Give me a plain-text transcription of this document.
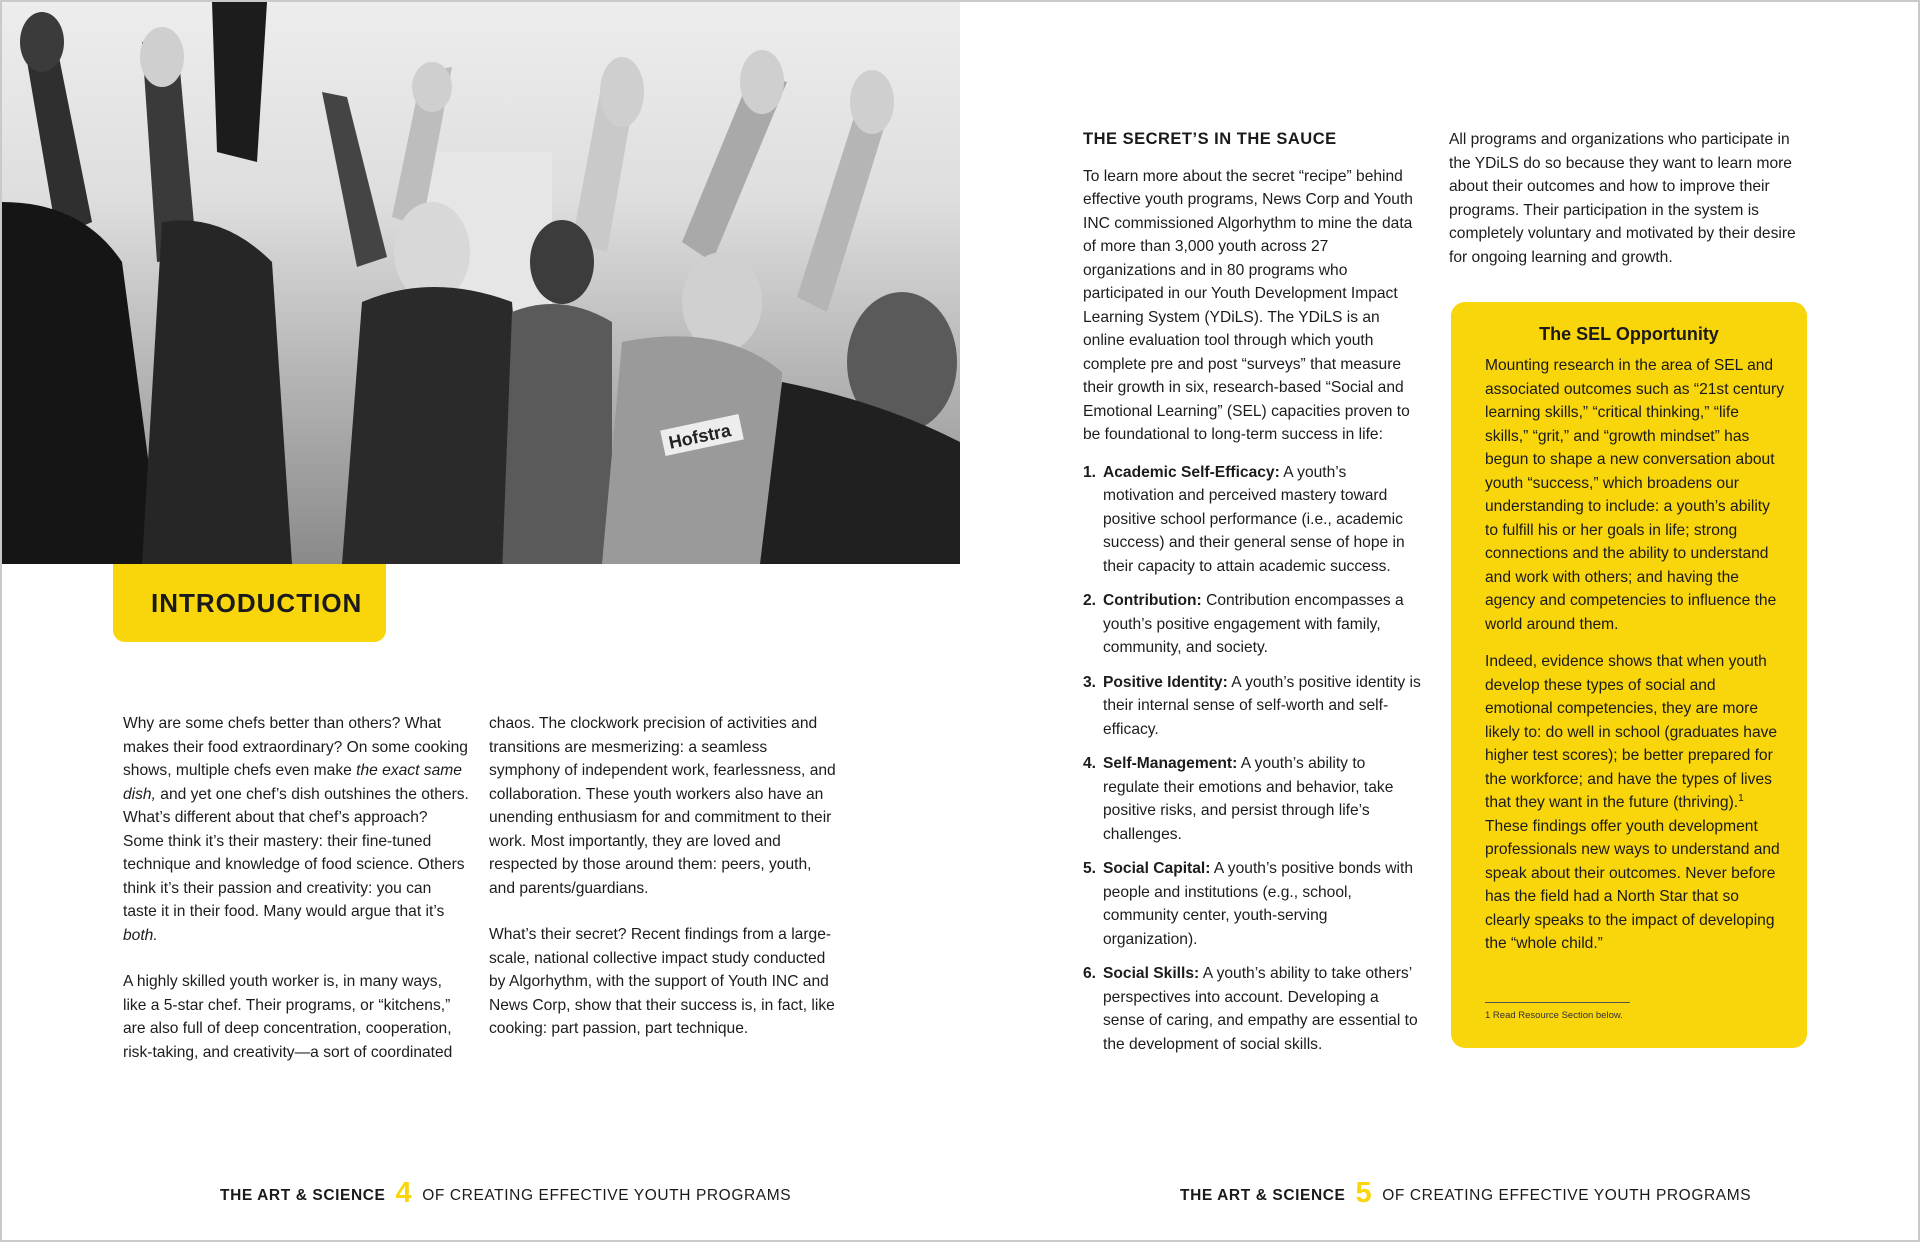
Hofstra
INTRODUCTION

Why are some chefs better than others? What makes their food extraordinary? On some cooking shows, multiple chefs even make the exact same dish, and yet one chef’s dish outshines the others. What’s different about that chef’s approach? Some think it’s their mastery: their fine-tuned technique and knowledge of food science. Others think it’s their passion and creativity: you can taste it in their food. Many would argue that it’s both.

A highly skilled youth worker is, in many ways, like a 5-star chef. Their programs, or “kitchens,” are also full of deep concentration, cooperation, risk-taking, and creativity—a sort of coordinated

chaos. The clockwork precision of activities and transitions are mesmerizing: a seamless symphony of independent work, fearlessness, and collaboration. These youth workers also have an unending enthusiasm for and commitment to their work. Most importantly, they are loved and respected by those around them: peers, youth, and parents/guardians.

What’s their secret? Recent findings from a large-scale, national collective impact study conducted by Algorhythm, with the support of Youth INC and News Corp, show that their success is, in fact, like cooking: part passion, part technique.

THE SECRET’S IN THE SAUCE

To learn more about the secret “recipe” behind effective youth programs, News Corp and Youth INC commissioned Algorhythm to mine the data of more than 3,000 youth across 27 organizations and in 80 programs who participated in our Youth Development Impact Learning System (YDiLS). The YDiLS is an online evaluation tool through which youth complete pre and post “surveys” that measure their growth in six, research-based “Social and Emotional Learning” (SEL) capacities proven to be foundational to long-term success in life:

1. Academic Self-Efficacy: A youth’s motivation and perceived mastery toward positive school performance (i.e., academic success) and their general sense of hope in their capacity to attain academic success.
2. Contribution: Contribution encompasses a youth’s positive engagement with family, community, and society.
3. Positive Identity: A youth’s positive identity is their internal sense of self-worth and self-efficacy.
4. Self-Management: A youth’s ability to regulate their emotions and behavior, take positive risks, and persist through life’s challenges.
5. Social Capital: A youth’s positive bonds with people and institutions (e.g., school, community center, youth-serving organization).
6. Social Skills: A youth’s ability to take others’ perspectives into account. Developing a sense of caring, and empathy are essential to the development of social skills.

All programs and organizations who participate in the YDiLS do so because they want to learn more about their outcomes and how to improve their programs. Their participation in the system is completely voluntary and motivated by their desire for ongoing learning and growth.

The SEL Opportunity

Mounting research in the area of SEL and associated outcomes such as “21st century learning skills,” “critical thinking,” “life skills,” “grit,” and “growth mindset” has begun to shape a new conversation about youth “success,” which broadens our understanding to include: a youth’s ability to fulfill his or her goals in life; strong connections and the ability to understand and work with others; and having the agency and competencies to influence the world around them.

Indeed, evidence shows that when youth develop these types of social and emotional competencies, they are more likely to: do well in school (graduates have higher test scores); be better prepared for the workforce; and have the types of lives that they want in the future (thriving).$^1$ These findings offer youth development professionals new ways to understand and speak about their outcomes. Never before has the field had a North Star that so clearly speaks to the impact of developing the “whole child.”

1 Read Resource Section below.
THE ART & SCIENCE 4 OF CREATING EFFECTIVE YOUTH PROGRAMS	THE ART & SCIENCE 5 OF CREATING EFFECTIVE YOUTH PROGRAMS
